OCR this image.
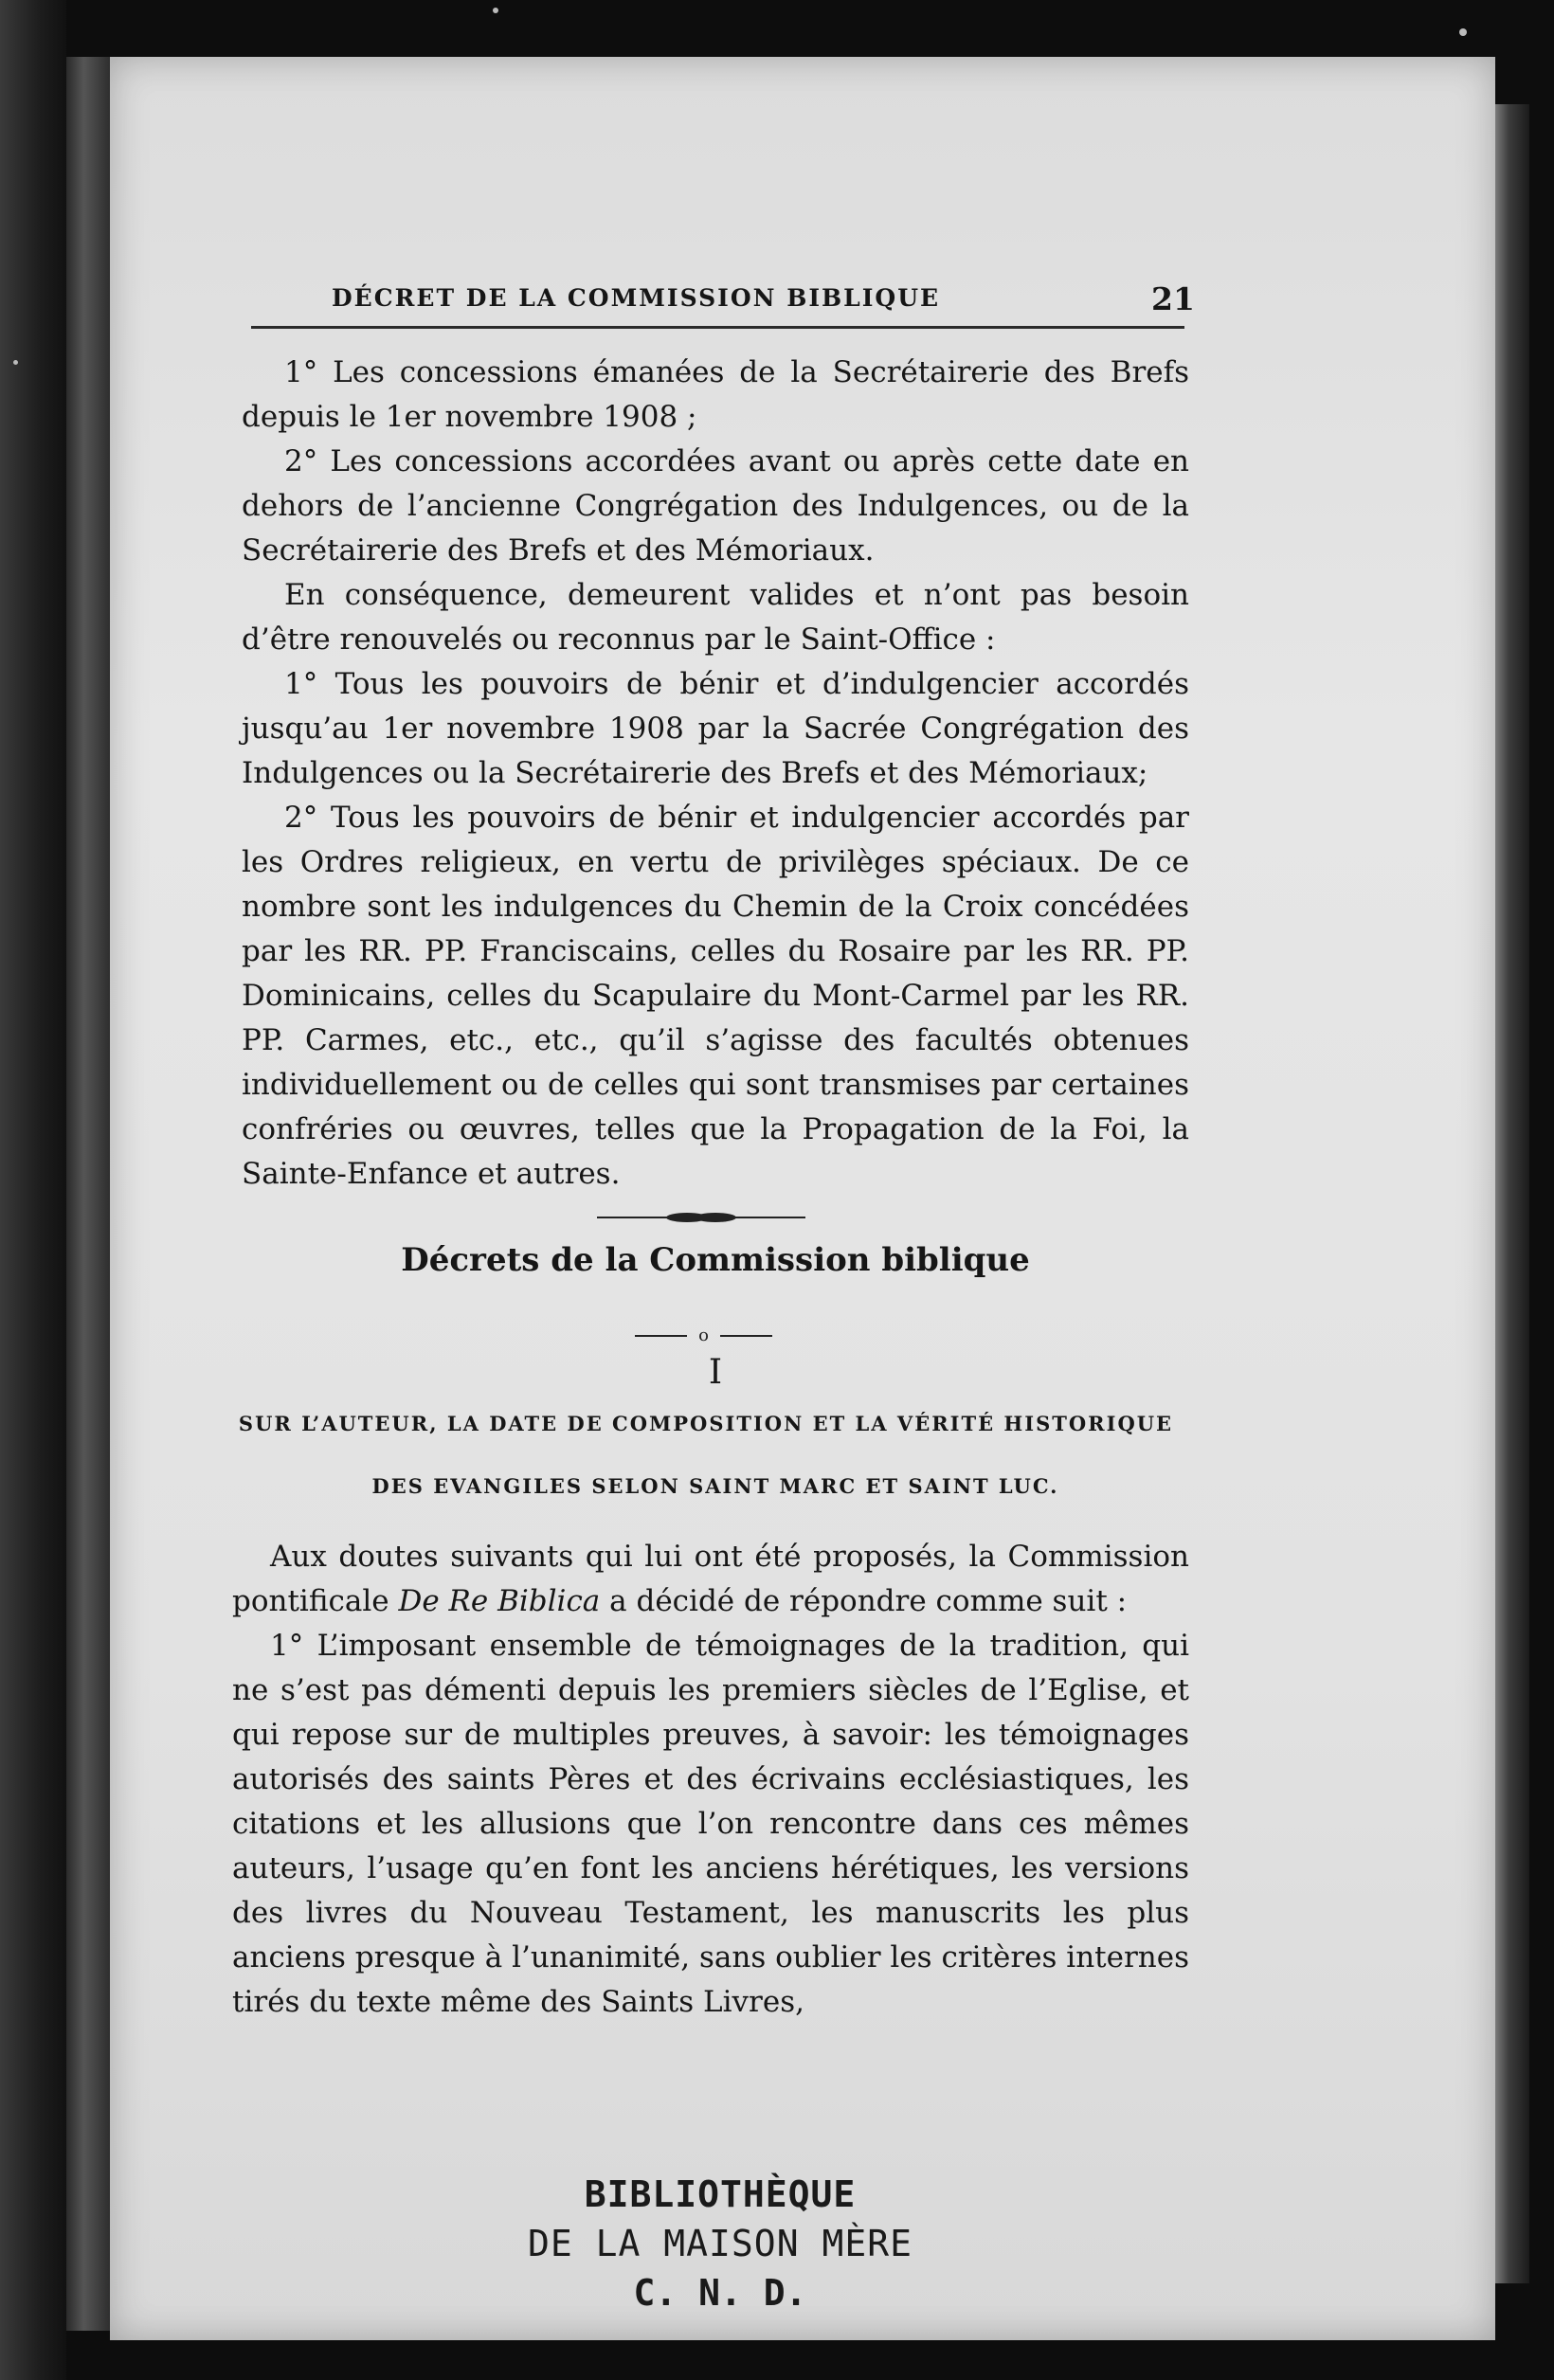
DÉCRET DE LA COMMISSION BIBLIQUE	21

1° Les concessions émanées de la Secrétairerie des Brefs depuis le 1er novembre 1908 ;

2° Les concessions accordées avant ou après cette date en dehors de l’ancienne Congrégation des Indulgences, ou de la Secrétairerie des Brefs et des Mémoriaux.

En conséquence, demeurent valides et n’ont pas besoin d’être renouvelés ou reconnus par le Saint-Office :

1° Tous les pouvoirs de bénir et d’indulgencier accordés jusqu’au 1er novembre 1908 par la Sacrée Congrégation des Indulgences ou la Secrétairerie des Brefs et des Mémoriaux;

2° Tous les pouvoirs de bénir et indulgencier accordés par les Ordres religieux, en vertu de privilèges spéciaux. De ce nombre sont les indulgences du Chemin de la Croix concédées par les RR. PP. Franciscains, celles du Rosaire par les RR. PP. Dominicains, celles du Scapulaire du Mont-Carmel par les RR. PP. Carmes, etc., etc., qu’il s’agisse des facultés obtenues individuellement ou de celles qui sont transmises par certaines confréries ou œuvres, telles que la Propagation de la Foi, la Sainte-Enfance et autres.

Décrets de la Commission biblique
o
I
SUR L’AUTEUR, LA DATE DE COMPOSITION ET LA VÉRITÉ HISTORIQUE
DES EVANGILES SELON SAINT MARC ET SAINT LUC.

Aux doutes suivants qui lui ont été proposés, la Commission pontificale De Re Biblica a décidé de répondre comme suit :

1° L’imposant ensemble de témoignages de la tradition, qui ne s’est pas démenti depuis les premiers siècles de l’Eglise, et qui repose sur de multiples preuves, à savoir: les témoignages autorisés des saints Pères et des écrivains ecclésiastiques, les citations et les allusions que l’on rencontre dans ces mêmes auteurs, l’usage qu’en font les anciens hérétiques, les versions des livres du Nouveau Testament, les manuscrits les plus anciens presque à l’unanimité, sans oublier les critères internes tirés du texte même des Saints Livres,

BIBLIOTHÈQUE
DE LA MAISON MÈRE
C. N. D.
